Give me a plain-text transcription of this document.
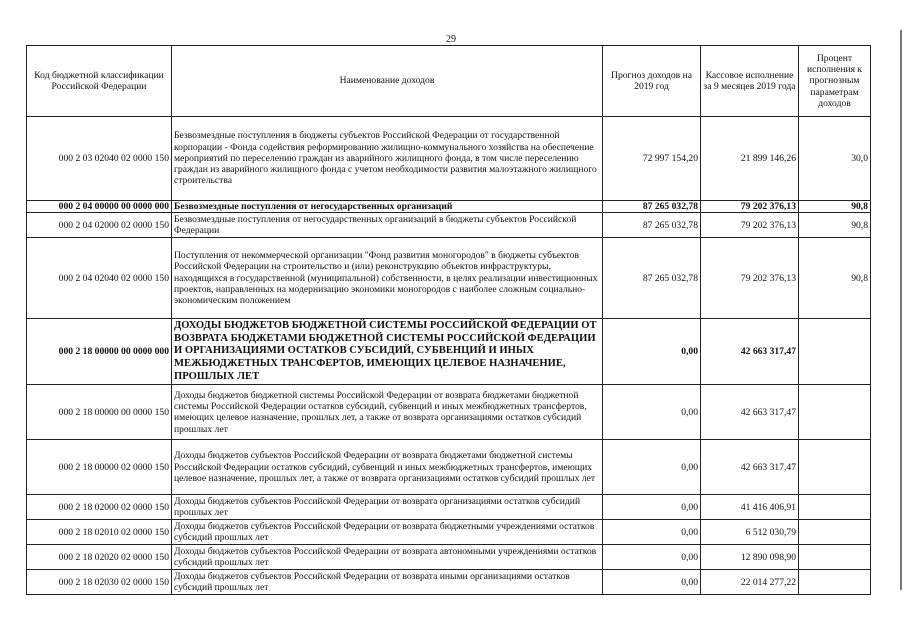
29
Код бюджетной классификации Российской Федерации	Наименование доходов	Прогноз доходов на 2019 год	Кассовое исполнение за 9 месяцев 2019 года	Процент исполнения к прогнозным параметрам доходов
000 2 03 02040 02 0000 150	Безвозмездные поступления в бюджеты субъектов Российской Федерации от государственной корпорации - Фонда содействия реформированию жилищно-коммунального хозяйства на обеспечение мероприятий по переселению граждан из аварийного жилищного фонда, в том числе переселению граждан из аварийного жилищного фонда с учетом необходимости развития малоэтажного жилищного строительства	72 997 154,20	21 899 146,26	30,0
000 2 04 00000 00 0000 000	Безвозмездные поступления от негосударственных организаций	87 265 032,78	79 202 376,13	90,8
000 2 04 02000 02 0000 150	Безвозмездные поступления от негосударственных организаций в бюджеты субъектов Российской Федерации	87 265 032,78	79 202 376,13	90,8
000 2 04 02040 02 0000 150	Поступления от некоммерческой организации "Фонд развития моногородов" в бюджеты субъектов Российской Федерации на строительство и (или) реконструкцию объектов инфраструктуры, находящихся в государственной (муниципальной) собственности, в целях реализации инвестиционных проектов, направленных на модернизацию экономики моногородов с наиболее сложным социально-экономическим положением	87 265 032,78	79 202 376,13	90,8
000 2 18 00000 00 0000 000	ДОХОДЫ БЮДЖЕТОВ БЮДЖЕТНОЙ СИСТЕМЫ РОССИЙСКОЙ ФЕДЕРАЦИИ ОТ ВОЗВРАТА БЮДЖЕТАМИ БЮДЖЕТНОЙ СИСТЕМЫ РОССИЙСКОЙ ФЕДЕРАЦИИ И ОРГАНИЗАЦИЯМИ ОСТАТКОВ СУБСИДИЙ, СУБВЕНЦИЙ И ИНЫХ МЕЖБЮДЖЕТНЫХ ТРАНСФЕРТОВ, ИМЕЮЩИХ ЦЕЛЕВОЕ НАЗНАЧЕНИЕ, ПРОШЛЫХ ЛЕТ	0,00	42 663 317,47	
000 2 18 00000 00 0000 150	Доходы бюджетов бюджетной системы Российской Федерации от возврата бюджетами бюджетной системы Российской Федерации остатков субсидий, субвенций и иных межбюджетных трансфертов, имеющих целевое назначение, прошлых лет, а также от возврата организациями остатков субсидий прошлых лет	0,00	42 663 317,47	
000 2 18 00000 02 0000 150	Доходы бюджетов субъектов Российской Федерации от возврата бюджетами бюджетной системы Российской Федерации остатков субсидий, субвенций и иных межбюджетных трансфертов, имеющих целевое назначение, прошлых лет, а также от возврата организациями остатков субсидий прошлых лет	0,00	42 663 317,47	
000 2 18 02000 02 0000 150	Доходы бюджетов субъектов Российской Федерации от возврата организациями остатков субсидий прошлых лет	0,00	41 416 406,91	
000 2 18 02010 02 0000 150	Доходы бюджетов субъектов Российской Федерации от возврата бюджетными учреждениями остатков субсидий прошлых лет	0,00	6 512 030,79	
000 2 18 02020 02 0000 150	Доходы бюджетов субъектов Российской Федерации от возврата автономными учреждениями остатков субсидий прошлых лет	0,00	12 890 098,90	
000 2 18 02030 02 0000 150	Доходы бюджетов субъектов Российской Федерации от возврата иными организациями остатков субсидий прошлых лет	0,00	22 014 277,22	
